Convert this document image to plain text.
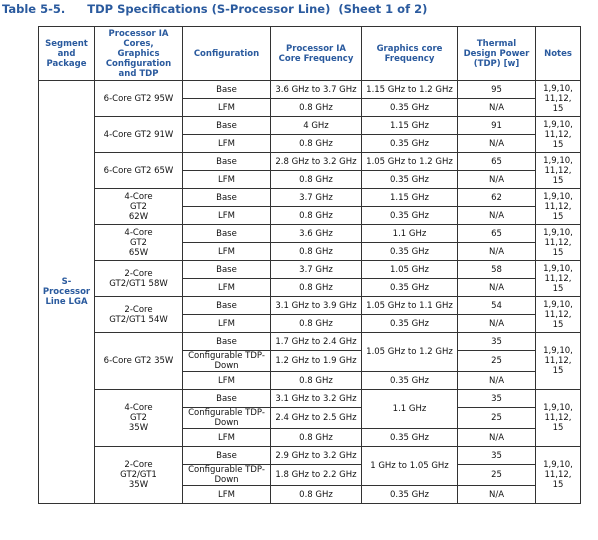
Table 5-5. TDP Specifications (S-Processor Line)  (Sheet 1 of 2)
Segment
and
Package	Processor IA
Cores,
Graphics
Configuration
and TDP	Configuration	Processor IA
Core Frequency	Graphics core
Frequency	Thermal
Design Power
(TDP) [w]	Notes
S-
Processor
Line LGA	6-Core GT2 95W	Base	3.6 GHz to 3.7 GHz	1.15 GHz to 1.2 GHz	95	1,9,10,
11,12,
15
		LFM	0.8 GHz	0.35 GHz	N/A	
	4-Core GT2 91W	Base	4 GHz	1.15 GHz	91	1,9,10,
11,12,
15
		LFM	0.8 GHz	0.35 GHz	N/A	
	6-Core GT2 65W	Base	2.8 GHz to 3.2 GHz	1.05 GHz to 1.2 GHz	65	1,9,10,
11,12,
15
		LFM	0.8 GHz	0.35 GHz	N/A	
	4-Core
GT2
62W	Base	3.7 GHz	1.15 GHz	62	1,9,10,
11,12,
15
		LFM	0.8 GHz	0.35 GHz	N/A	
	4-Core
GT2
65W	Base	3.6 GHz	1.1 GHz	65	1,9,10,
11,12,
15
		LFM	0.8 GHz	0.35 GHz	N/A	
	2-Core
GT2/GT1 58W	Base	3.7 GHz	1.05 GHz	58	1,9,10,
11,12,
15
		LFM	0.8 GHz	0.35 GHz	N/A	
	2-Core
GT2/GT1 54W	Base	3.1 GHz to 3.9 GHz	1.05 GHz to 1.1 GHz	54	1,9,10,
11,12,
15
		LFM	0.8 GHz	0.35 GHz	N/A	
	6-Core GT2 35W	Base	1.7 GHz to 2.4 GHz	1.05 GHz to 1.2 GHz	35	1,9,10,
11,12,
15
		Configurable TDP-
Down	1.2 GHz to 1.9 GHz		25	
		LFM	0.8 GHz	0.35 GHz	N/A	
	4-Core
GT2
35W	Base	3.1 GHz to 3.2 GHz	1.1 GHz	35	1,9,10,
11,12,
15
		Configurable TDP-
Down	2.4 GHz to 2.5 GHz		25	
		LFM	0.8 GHz	0.35 GHz	N/A	
	2-Core
GT2/GT1
35W	Base	2.9 GHz to 3.2 GHz	1 GHz to 1.05 GHz	35	1,9,10,
11,12,
15
		Configurable TDP-
Down	1.8 GHz to 2.2 GHz		25	
		LFM	0.8 GHz	0.35 GHz	N/A	
